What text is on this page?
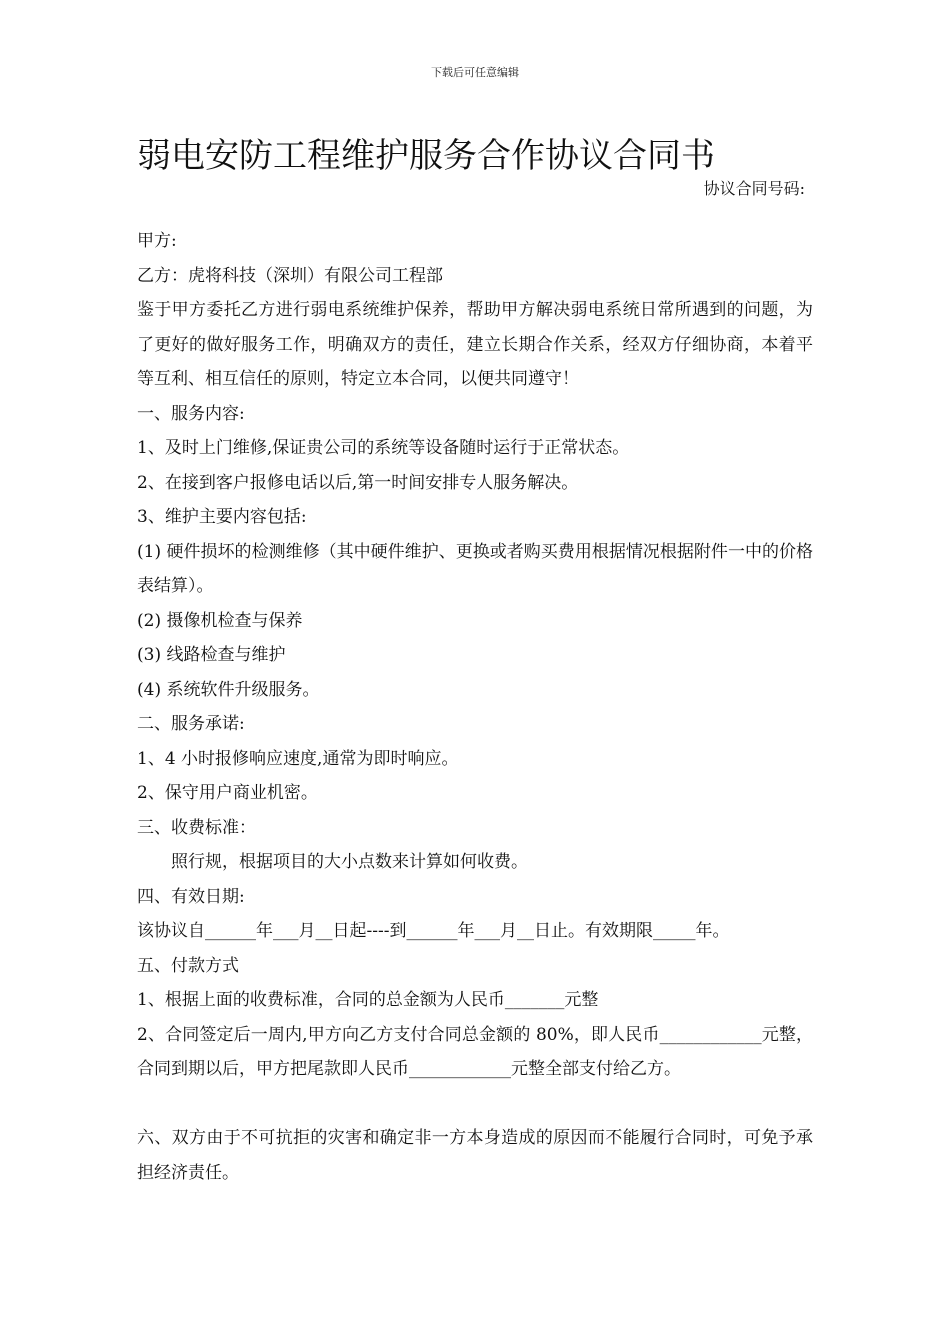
下载后可任意编辑
弱电安防工程维护服务合作协议合同书
协议合同号码:
甲方:
乙方：虎将科技（深圳）有限公司工程部
鉴于甲方委托乙方进行弱电系统维护保养，帮助甲方解决弱电系统日常所遇到的问题，为了更好的做好服务工作，明确双方的责任，建立长期合作关系，经双方仔细协商，本着平等互利、相互信任的原则，特定立本合同，以便共同遵守！
一、服务内容:
1、及时上门维修,保证贵公司的系统等设备随时运行于正常状态。
2、在接到客户报修电话以后,第一时间安排专人服务解决。
3、维护主要内容包括:
(1) 硬件损坏的检测维修（其中硬件维护、更换或者购买费用根据情况根据附件一中的价格表结算）。
(2) 摄像机检查与保养
(3) 线路检查与维护
(4) 系统软件升级服务。
二、服务承诺:
1、4 小时报修响应速度,通常为即时响应。
2、保守用户商业机密。
三、收费标准：
照行规，根据项目的大小点数来计算如何收费。
四、有效日期:
该协议自______年___月__日起----到______年___月__日止。有效期限_____年。
五、付款方式
1、根据上面的收费标准，合同的总金额为人民币_______元整
2、合同签定后一周内,甲方向乙方支付合同总金额的 80%，即人民币____________元整，合同到期以后，甲方把尾款即人民币____________元整全部支付给乙方。
六、双方由于不可抗拒的灾害和确定非一方本身造成的原因而不能履行合同时，可免予承担经济责任。
